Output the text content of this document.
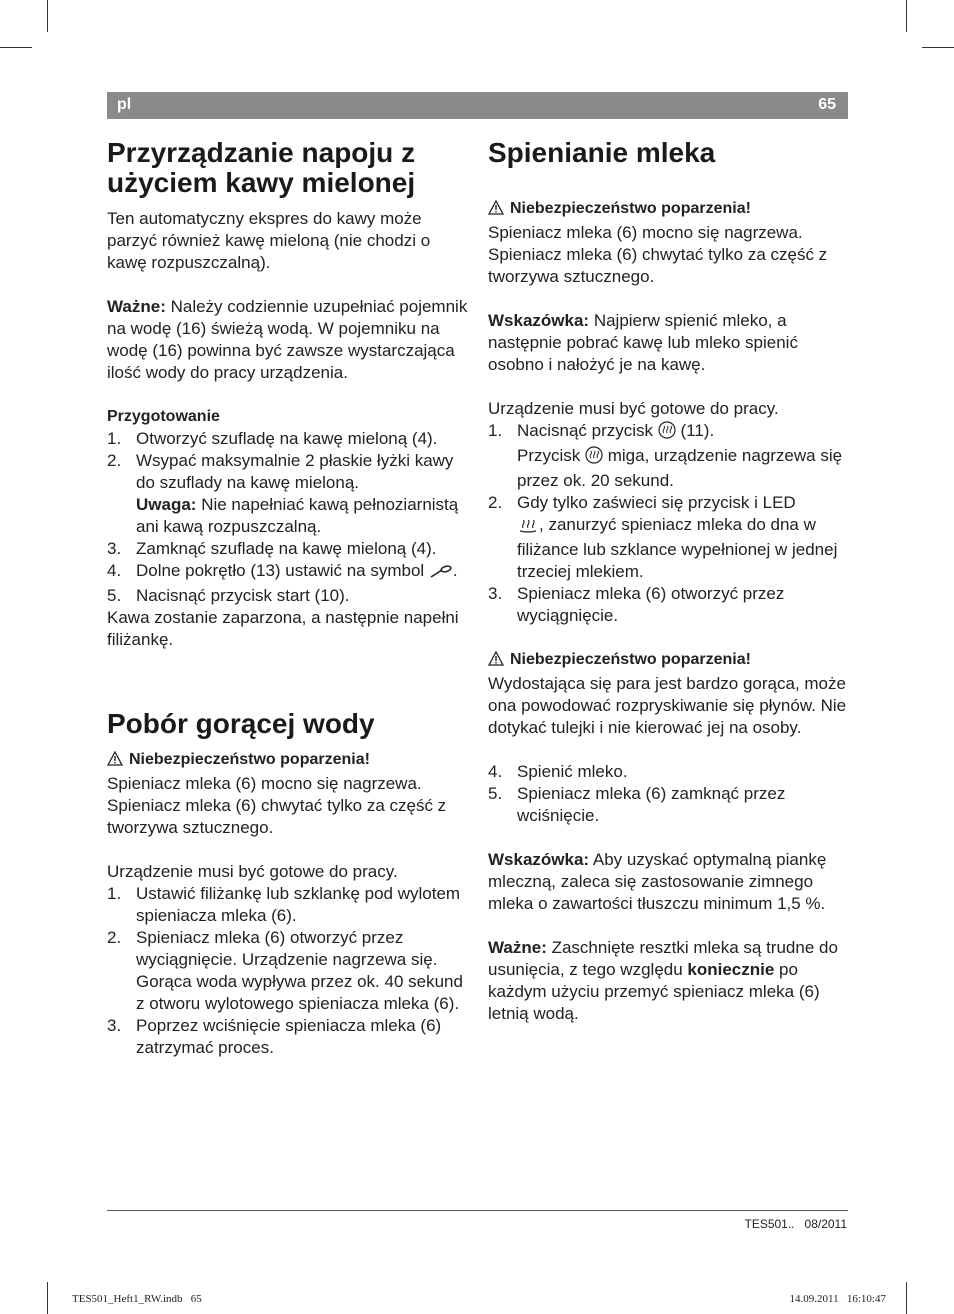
pl	65
Przyrządzanie napoju z użyciem kawy mielonej

Ten automatyczny ekspres do kawy może parzyć również kawę mieloną (nie chodzi o kawę rozpuszczalną).

Ważne: Należy codziennie uzupełniać pojemnik na wodę (16) świeżą wodą. W pojemniku na wodę (16) powinna być zawsze wystarczająca ilość wody do pracy urządzenia.

Przygotowanie
1. Otworzyć szufladę na kawę mieloną (4).
2. Wsypać maksymalnie 2 płaskie łyżki kawy do szuflady na kawę mieloną.
Uwaga: Nie napełniać kawą pełnoziarnistą ani kawą rozpuszczalną.
3. Zamknąć szufladę na kawę mieloną (4).
4. Dolne pokrętło (13) ustawić na symbol .
5. Nacisnąć przycisk start (10).

Kawa zostanie zaparzona, a następnie napełni filiżankę.

Pobór gorącej wody
Niebezpieczeństwo poparzenia!

Spieniacz mleka (6) mocno się nagrzewa. Spieniacz mleka (6) chwytać tylko za część z tworzywa sztucznego.

Urządzenie musi być gotowe do pracy.

1. Ustawić filiżankę lub szklankę pod wylotem spieniacza mleka (6).
2. Spieniacz mleka (6) otworzyć przez wyciągnięcie. Urządzenie nagrzewa się. Gorąca woda wypływa przez ok. 40 sekund z otworu wylotowego spieniacza mleka (6).
3. Poprzez wciśnięcie spieniacza mleka (6) zatrzymać proces.
Spienianie mleka
Niebezpieczeństwo poparzenia!

Spieniacz mleka (6) mocno się nagrzewa. Spieniacz mleka (6) chwytać tylko za część z tworzywa sztucznego.

Wskazówka: Najpierw spienić mleko, a następnie pobrać kawę lub mleko spienić osobno i nałożyć je na kawę.

Urządzenie musi być gotowe do pracy.

1. Nacisnąć przycisk  (11).
Przycisk  miga, urządzenie nagrzewa się przez ok. 20 sekund.
2. Gdy tylko zaświeci się przycisk i LED
, zanurzyć spieniacz mleka do dna w filiżance lub szklance wypełnionej w jednej trzeciej mlekiem.
3. Spieniacz mleka (6) otworzyć przez wyciągnięcie.
Niebezpieczeństwo poparzenia!

Wydostająca się para jest bardzo gorąca, może ona powodować rozpryskiwanie się płynów. Nie dotykać tulejki i nie kierować jej na osoby.

4. Spienić mleko.
5. Spieniacz mleka (6) zamknąć przez wciśnięcie.

Wskazówka: Aby uzyskać optymalną piankę mleczną, zaleca się zastosowanie zimnego mleka o zawartości tłuszczu minimum 1,5 %.

Ważne: Zaschnięte resztki mleka są trudne do usunięcia, z tego względu koniecznie po każdym użyciu przemyć spieniacz mleka (6) letnią wodą.

TES501..   08/2011
TES501_Heft1_RW.indb   65	14.09.2011   16:10:47
